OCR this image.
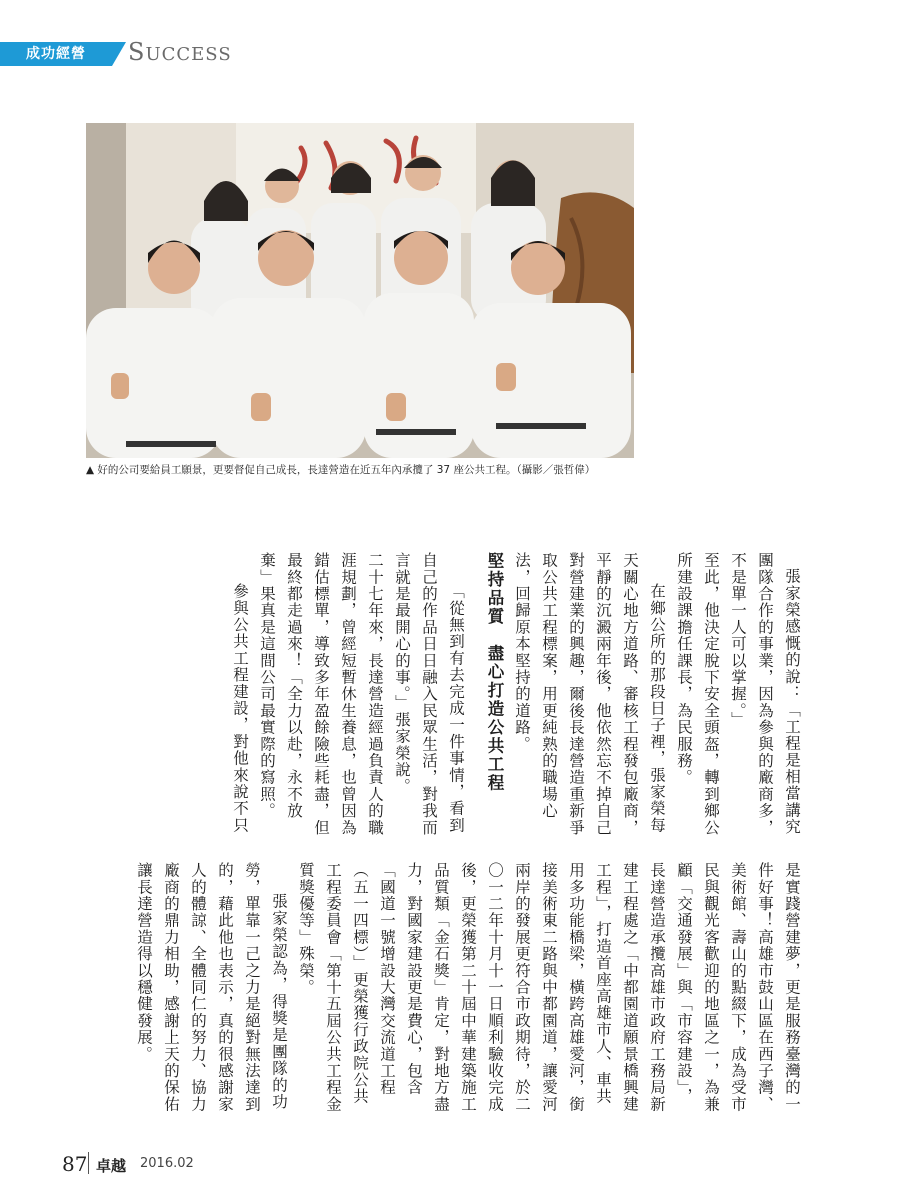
成功經營	SUCCESS
▲ 好的公司要給員工願景，更要督促自己成長，長達營造在近五年內承攬了 37 座公共工程。（攝影／張哲偉）

張家榮感慨的說：「工程是相當講究團隊合作的事業，因為參與的廠商多，不是單一人可以掌握。」

至此，他決定脫下安全頭盔，轉到鄉公所建設課擔任課長，為民服務。

在鄉公所的那段日子裡，張家榮每天關心地方道路、審核工程發包廠商，平靜的沉澱兩年後，他依然忘不掉自己對營建業的興趣，爾後長達營造重新爭取公共工程標案，用更純熟的職場心法，回歸原本堅持的道路。

堅持品質　盡心打造公共工程

「從無到有去完成一件事情，看到自己的作品日日融入民眾生活，對我而言就是最開心的事。」張家榮說。

二十七年來，長達營造經過負責人的職涯規劃，曾經短暫休生養息，也曾因為錯估標單，導致多年盈餘險些耗盡，但最終都走過來！「全力以赴，永不放棄」果真是這間公司最實際的寫照。

參與公共工程建設，對他來說不只

是實踐營建夢，更是服務臺灣的一件好事！高雄市鼓山區在西子灣、美術館、壽山的點綴下，成為受市民與觀光客歡迎的地區之一，為兼顧「交通發展」與「市容建設」，長達營造承攬高雄市政府工務局新建工程處之「中都園道願景橋興建工程」，打造首座高雄市人、車共用多功能橋梁，橫跨高雄愛河，銜接美術東二路與中都園道，讓愛河兩岸的發展更符合市政期待，於二〇一二年十月十一日順利驗收完成後，更榮獲第二十屆中華建築施工品質類「金石獎」肯定，對地方盡力，對國家建設更是費心，包含「國道一號增設大灣交流道工程（五一四標）」更榮獲行政院公共工程委員會「第十五屆公共工程金質獎優等」殊榮。

張家榮認為，得獎是團隊的功勞，單靠一己之力是絕對無法達到的，藉此他也表示，真的很感謝家人的體諒、全體同仁的努力、協力廠商的鼎力相助，感謝上天的保佑讓長達營造得以穩健發展。

87 卓越 2016.02
